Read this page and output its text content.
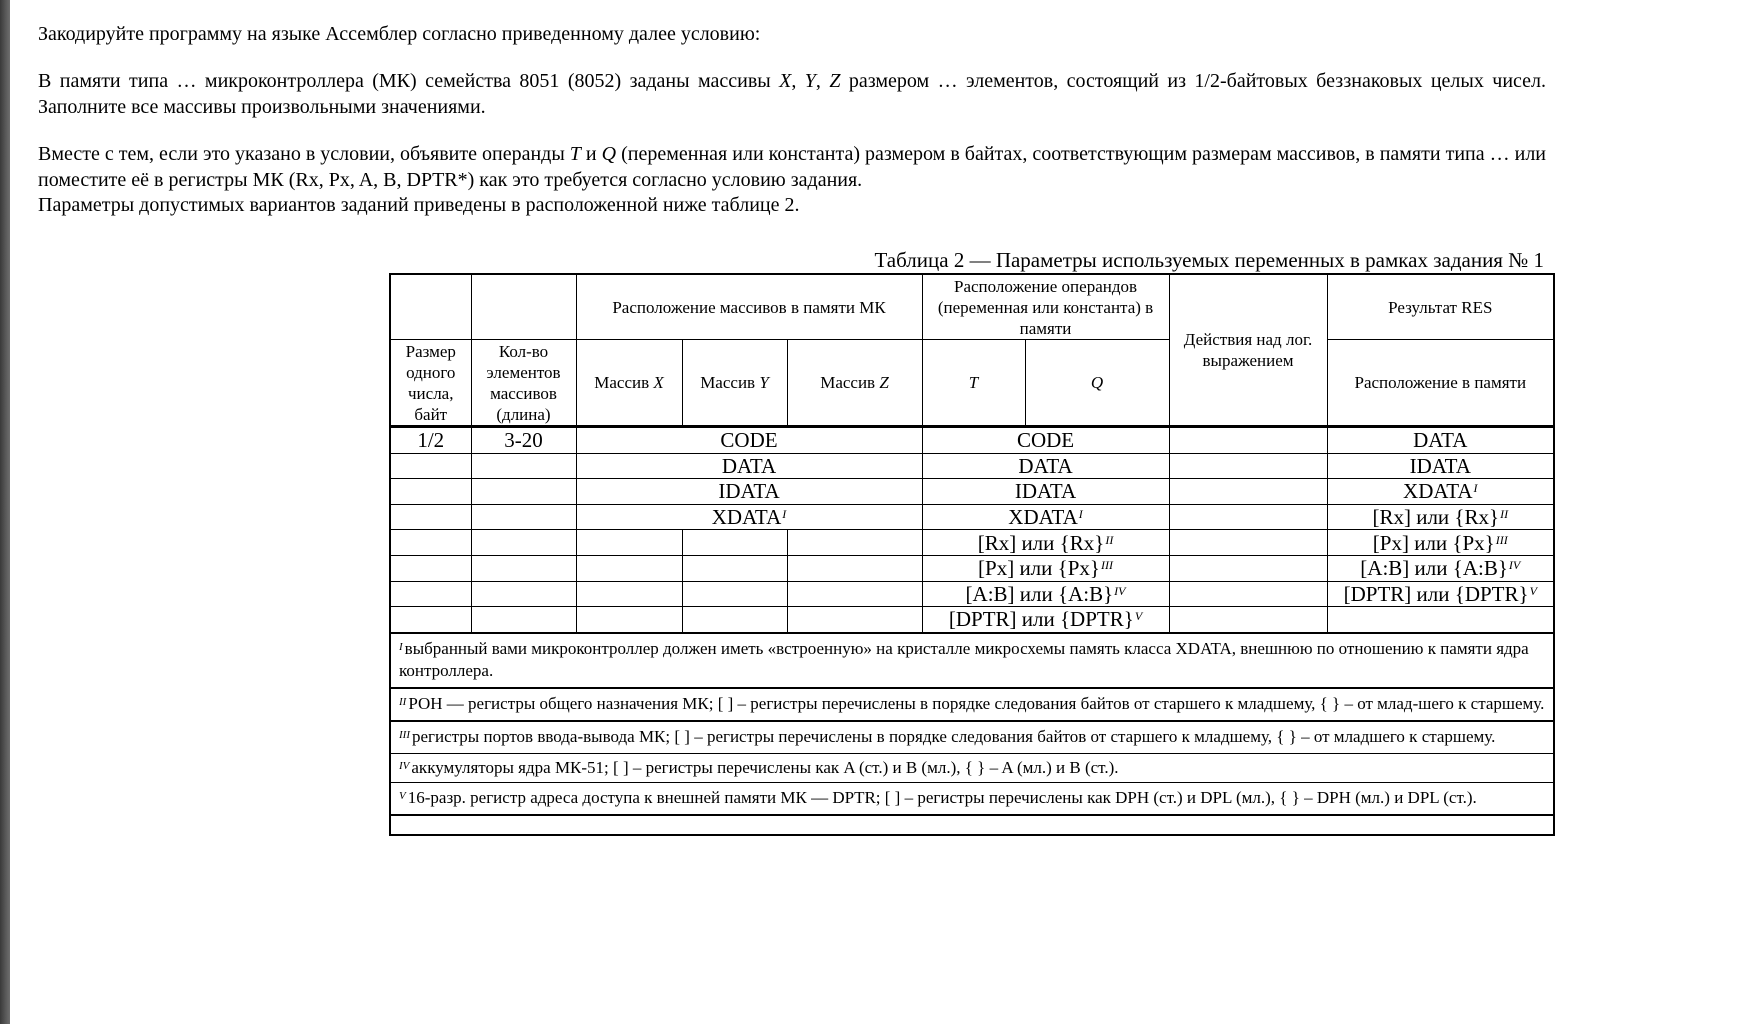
Закодируйте программу на языке Ассемблер согласно приведенному далее условию:
В памяти типа … микроконтроллера (МК) семейства 8051 (8052) заданы массивы X, Y, Z размером … элементов, состоящий из 1/2-байтовых беззнаковых целых чисел. Заполните все массивы произвольными значениями.
Вместе с тем, если это указано в условии, объявите операнды T и Q (переменная или константа) размером в байтах, соответствующим размерам массивов, в памяти типа … или поместите её в регистры МК (Rx, Px, A, B, DPTR*) как это требуется согласно условию задания.
Параметры допустимых вариантов заданий приведены в расположенной ниже таблице 2.
Таблица 2 — Параметры используемых переменных в рамках задания № 1
		Расположение массивов в памяти МК			Расположение операндов (переменная или константа) в памяти		Действия над лог. выражением	Результат RES
Размер одного числа, байт	Кол-во элементов массивов (длина)	Массив X	Массив Y	Массив Z	T	Q		Расположение в памяти
1/2	3-20	CODE			CODE			DATA
		DATA			DATA			IDATA
		IDATA			IDATA			XDATA$^I$
		XDATA$^I$			XDATA$^I$			[Rx] или {Rx}$^{II}$
					[Rx] или {Rx}$^{II}$			[Px] или {Px}$^{III}$
					[Px] или {Px}$^{III}$			[A:B] или {A:B}$^{IV}$
					[A:B] или {A:B}$^{IV}$			[DPTR] или {DPTR}$^V$
					[DPTR] или {DPTR}$^V$		
$^I$ выбранный вами микроконтроллер должен иметь «встроенную» на кристалле микросхемы память класса XDATA, внешнюю по отношению к памяти ядра контроллера.								
$^{II}$ РОН — регистры общего назначения МК; [ ] – регистры перечислены в порядке следования байтов от старшего к младшему, { } – от млад-шего к старшему.								
$^{III}$ регистры портов ввода-вывода МК; [ ] – регистры перечислены в порядке следования байтов от старшего к младшему, { } – от младшего к старшему.								
$^{IV}$ аккумуляторы ядра МК-51; [ ] – регистры перечислены как A (ст.) и B (мл.), { } – A (мл.) и B (ст.).								
$^V$ 16-разр. регистр адреса доступа к внешней памяти МК — DPTR; [ ] – регистры перечислены как DPH (ст.) и DPL (мл.), { } – DPH (мл.) и DPL (ст.).								
